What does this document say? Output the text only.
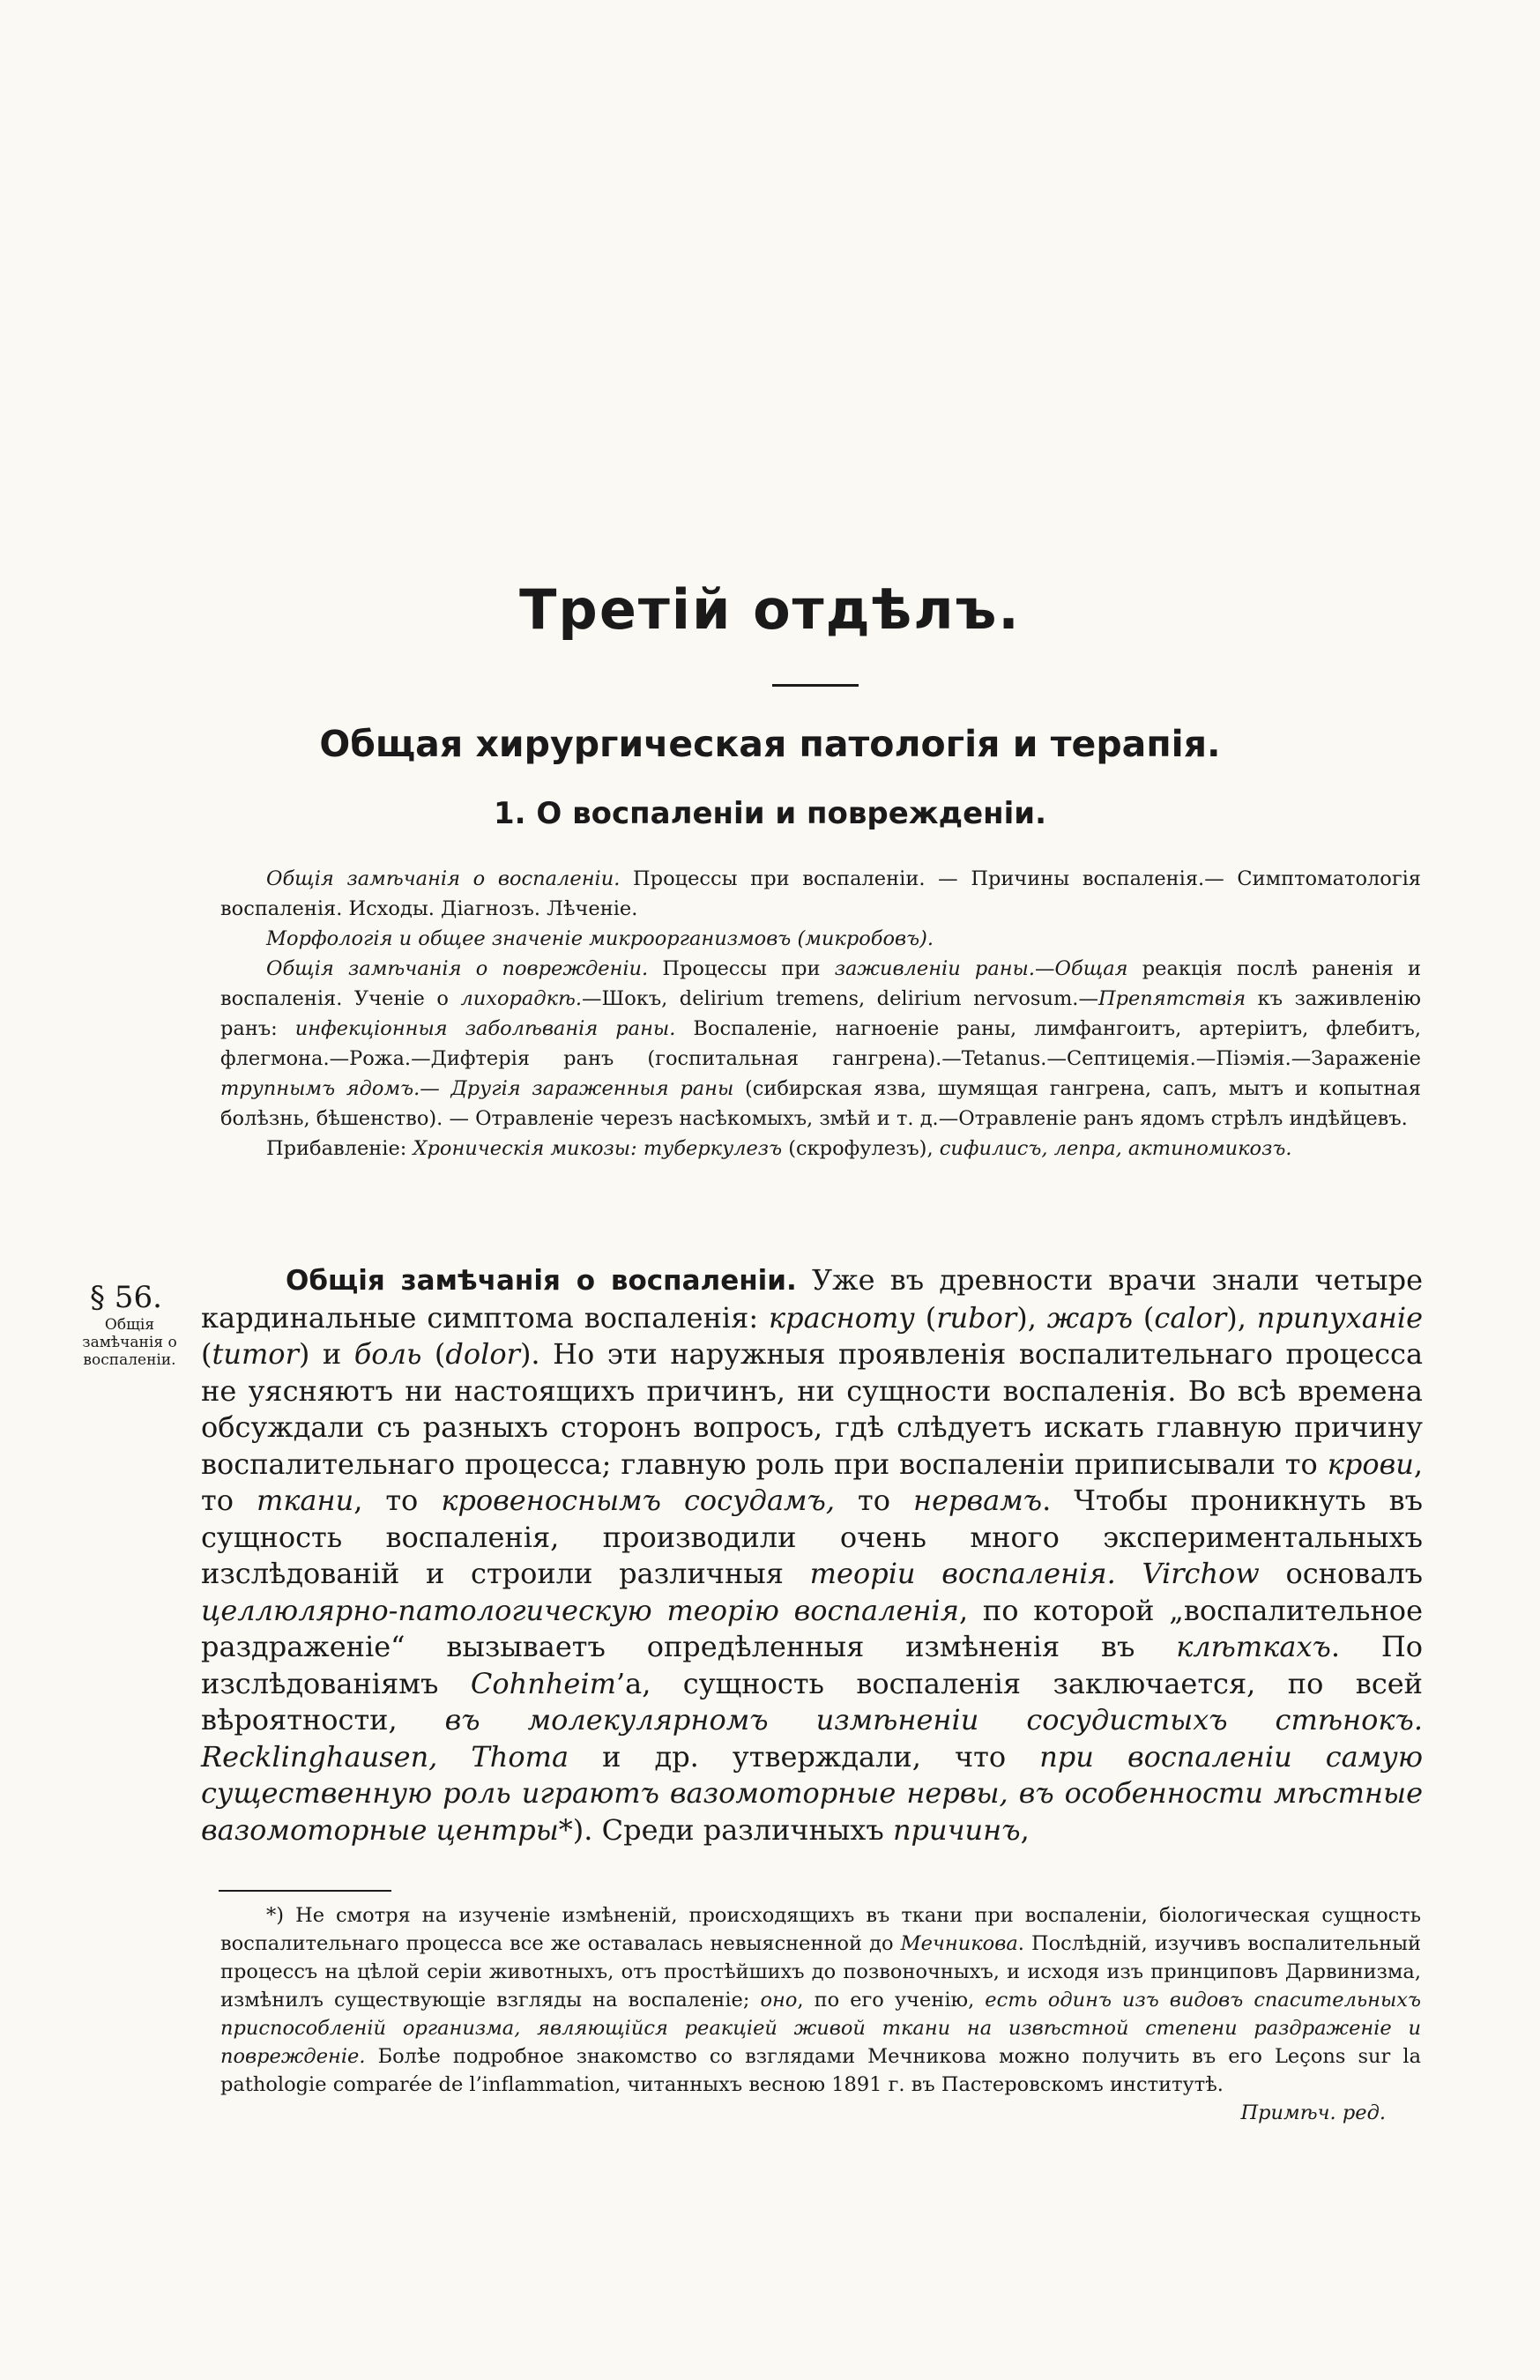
Третій отдѣлъ.
Общая хирургическая патологія и терапія.
1. О воспаленіи и поврежденіи.

Общія замѣчанія о воспаленіи. Процессы при воспаленіи. — Причины воспаленія.— Симптоматологія воспаленія. Исходы. Діагнозъ. Лѣченіе.

Морфологія и общее значеніе микроорганизмовъ (микробовъ).

Общія замѣчанія о поврежденіи. Процессы при заживленіи раны.—Общая реакція послѣ раненія и воспаленія. Ученіе о лихорадкѣ.—Шокъ, delirium tremens, delirium nervosum.—Препятствія къ заживленію ранъ: инфекціонныя заболѣванія раны. Воспаленіе, нагноеніе раны, лимфангоитъ, артеріитъ, флебитъ, флегмона.—Рожа.—Дифтерія ранъ (госпитальная гангрена).—Tetanus.—Септицемія.—Піэмія.—Зараженіе трупнымъ ядомъ.— Другія зараженныя раны (сибирская язва, шумящая гангрена, сапъ, мытъ и копытная болѣзнь, бѣшенство). — Отравленіе черезъ насѣкомыхъ, змѣй и т. д.—Отравленіе ранъ ядомъ стрѣлъ индѣйцевъ.

Прибавленіе: Хроническія микозы: туберкулезъ (скрофулезъ), сифилисъ, лепра, актиномикозъ.

§ 56.
Общія замѣчанія о воспаленіи.

Общія замѣчанія о воспаленіи. Уже въ древности врачи знали четыре кардинальные симптома воспаленія: красноту (rubor), жаръ (calor), припуханіе (tumor) и боль (dolor). Но эти наружныя проявленія воспалительнаго процесса не уясняютъ ни настоящихъ причинъ, ни сущности воспаленія. Во всѣ времена обсуждали съ разныхъ сторонъ вопросъ, гдѣ слѣдуетъ искать главную причину воспалительнаго процесса; главную роль при воспаленіи приписывали то крови, то ткани, то кровеноснымъ сосудамъ, то нервамъ. Чтобы проникнуть въ сущность воспаленія, производили очень много экспериментальныхъ изслѣдованій и строили различныя теоріи воспаленія. Virchow основалъ целлюлярно-патологическую теорію воспаленія, по которой „воспалительное раздраженіе“ вызываетъ опредѣленныя измѣненія въ клѣткахъ. По изслѣдованіямъ Cohnheim’а, сущность воспаленія заключается, по всей вѣроятности, въ молекулярномъ измѣненіи сосудистыхъ стѣнокъ. Recklinghausen, Thoma и др. утверждали, что при воспаленіи самую существенную роль играютъ вазомоторные нервы, въ особенности мѣстные вазомоторные центры*). Среди различныхъ причинъ,

*) Не смотря на изученіе измѣненій, происходящихъ въ ткани при воспаленіи, біологическая сущность воспалительнаго процесса все же оставалась невыясненной до Мечникова. Послѣдній, изучивъ воспалительный процессъ на цѣлой серіи животныхъ, отъ простѣйшихъ до позвоночныхъ, и исходя изъ принциповъ Дарвинизма, измѣнилъ существующіе взгляды на воспаленіе; оно, по его ученію, есть одинъ изъ видовъ спасительныхъ приспособленій организма, являющійся реакціей живой ткани на извѣстной степени раздраженіе и поврежденіе. Болѣе подробное знакомство со взглядами Мечникова можно получить въ его Leçons sur la pathologie comparée de l’inflammation, читанныхъ весною 1891 г. въ Пастеровскомъ институтѣ.
Примѣч. ред.
